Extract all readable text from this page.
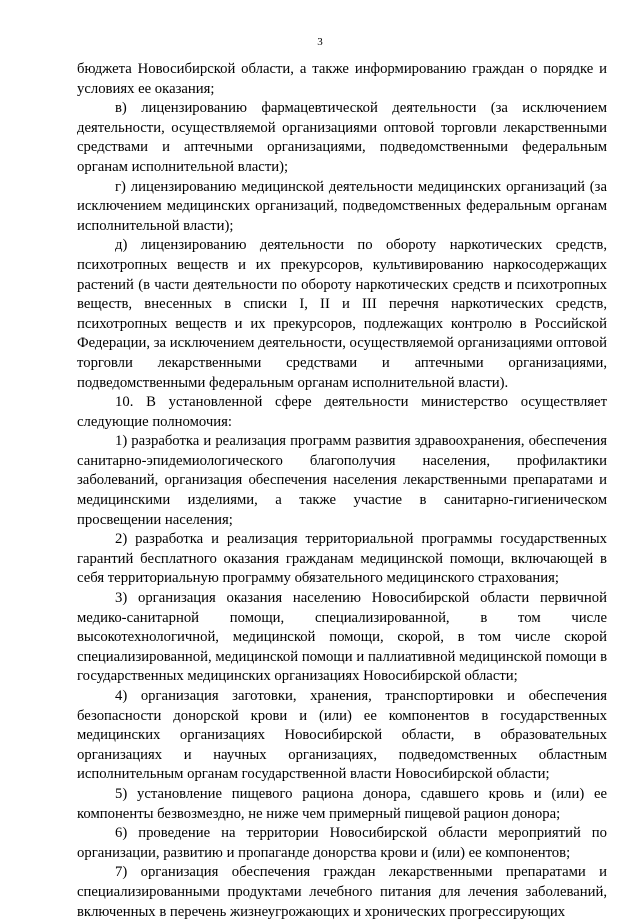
3

бюджета Новосибирской области, а также информированию граждан о порядке и условиях ее оказания;

в) лицензированию фармацевтической деятельности (за исключением деятельности, осуществляемой организациями оптовой торговли лекарственными средствами и аптечными организациями, подведомственными федеральным органам исполнительной власти);

г) лицензированию медицинской деятельности медицинских организаций (за исключением медицинских организаций, подведомственных федеральным органам исполнительной власти);

д) лицензированию деятельности по обороту наркотических средств, психотропных веществ и их прекурсоров, культивированию наркосодержащих растений (в части деятельности по обороту наркотических средств и психотропных веществ, внесенных в списки I, II и III перечня наркотических средств, психотропных веществ и их прекурсоров, подлежащих контролю в Российской Федерации, за исключением деятельности, осуществляемой организациями оптовой торговли лекарственными средствами и аптечными организациями, подведомственными федеральным органам исполнительной власти).

10. В установленной сфере деятельности министерство осуществляет следующие полномочия:

1) разработка и реализация программ развития здравоохранения, обеспечения санитарно-эпидемиологического благополучия населения, профилактики заболеваний, организация обеспечения населения лекарственными препаратами и медицинскими изделиями, а также участие в санитарно-гигиеническом просвещении населения;

2) разработка и реализация территориальной программы государственных гарантий бесплатного оказания гражданам медицинской помощи, включающей в себя территориальную программу обязательного медицинского страхования;

3) организация оказания населению Новосибирской области первичной медико-санитарной помощи, специализированной, в том числе высокотехнологичной, медицинской помощи, скорой, в том числе скорой специализированной, медицинской помощи и паллиативной медицинской помощи в государственных медицинских организациях Новосибирской области;

4) организация заготовки, хранения, транспортировки и обеспечения безопасности донорской крови и (или) ее компонентов в государственных медицинских организациях Новосибирской области, в образовательных организациях и научных организациях, подведомственных областным исполнительным органам государственной власти Новосибирской области;

5) установление пищевого рациона донора, сдавшего кровь и (или) ее компоненты безвозмездно, не ниже чем примерный пищевой рацион донора;

6) проведение на территории Новосибирской области мероприятий по организации, развитию и пропаганде донорства крови и (или) ее компонентов;

7) организация обеспечения граждан лекарственными препаратами и специализированными продуктами лечебного питания для лечения заболеваний, включенных в перечень жизнеугрожающих и хронических прогрессирующих
